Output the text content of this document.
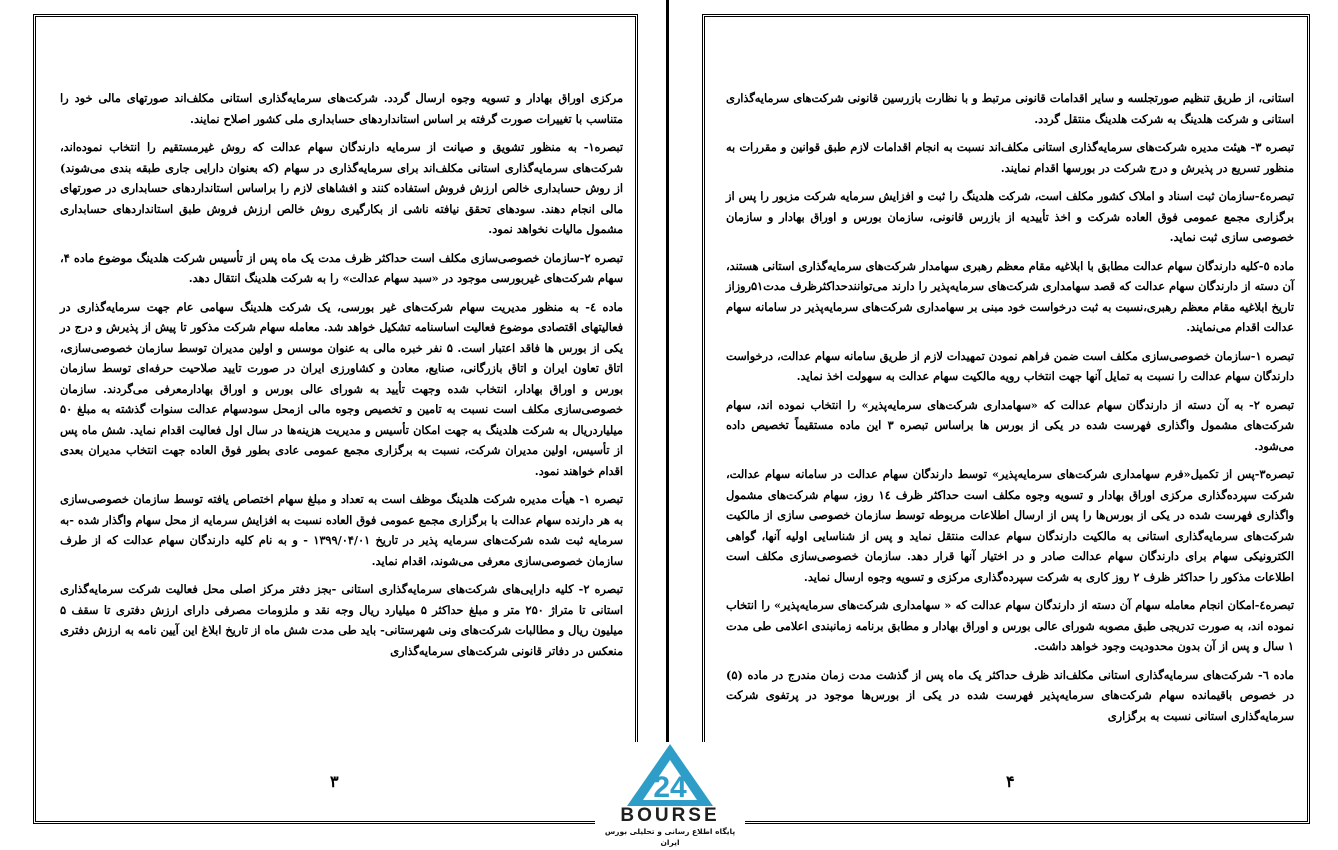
مرکزی اوراق بهادار و تسویه وجوه ارسال گردد. شرکت‌های سرمایه‌گذاری استانی مکلف‌اند صورتهای مالی خود را متناسب با تغییرات صورت گرفته بر اساس استانداردهای حسابداری ملی کشور اصلاح نمایند.

تبصره۱- به منظور تشویق و صیانت از سرمایه دارندگان سهام عدالت که روش غیرمستقیم را انتخاب نموده‌اند، شرکت‌های سرمایه‌گذاری استانی مکلف‌اند برای سرمایه‌گذاری در سهام (که بعنوان دارایی جاری طبقه بندی می‌شوند) از روش حسابداری خالص ارزش فروش استفاده کنند و افشاهای لازم را براساس استانداردهای حسابداری در صورتهای مالی انجام دهند. سودهای تحقق نیافته ناشی از بکارگیری روش خالص ارزش فروش طبق استانداردهای حسابداری مشمول مالیات نخواهد نمود.

تبصره ۲-سازمان خصوصی‌سازی مکلف است حداکثر ظرف مدت یک ماه پس از تأسیس شرکت هلدینگ موضوع ماده ۴، سهام شرکت‌های غیربورسی موجود در «سبد سهام عدالت» را به شرکت هلدینگ انتقال دهد.

ماده ٤- به منظور مدیریت سهام شرکت‌های غیر بورسی، یک شرکت هلدینگ سهامی عام جهت سرمایه‌گذاری در فعالیتهای اقتصادی موضوع فعالیت اساسنامه تشکیل خواهد شد. معامله سهام شرکت مذکور تا پیش از پذیرش و درج در یکی از بورس ها فاقد اعتبار است. ۵ نفر خبره مالی به عنوان موسس و اولین مدیران توسط سازمان خصوصی‌سازی، اتاق تعاون ایران و اتاق بازرگانی، صنایع، معادن و کشاورزی ایران در صورت تایید صلاحیت حرفه‌ای توسط سازمان بورس و اوراق بهادار، انتخاب شده وجهت تأیید به شورای عالی بورس و اوراق بهادارمعرفی می‌گردند. سازمان خصوصی‌سازی مکلف است نسبت به تامین و تخصیص وجوه مالی ازمحل سودسهام عدالت سنوات گذشته به مبلغ ۵۰ میلیاردریال به شرکت هلدینگ به جهت امکان تأسیس و مدیریت هزینه‌ها در سال اول فعالیت اقدام نماید. شش ماه پس از تأسیس، اولین مدیران شرکت، نسبت به برگزاری مجمع عمومی عادی بطور فوق العاده جهت انتخاب مدیران بعدی اقدام خواهند نمود.

تبصره ۱- هیأت مدیره شرکت هلدینگ موظف است به تعداد و مبلغ سهام اختصاص یافته توسط سازمان خصوصی‌سازی به هر دارنده سهام عدالت با برگزاری مجمع عمومی فوق العاده نسبت به افزایش سرمایه از محل سهام واگذار شده -به سرمایه ثبت شده شرکت‌های سرمایه پذیر در تاریخ ۱۳۹۹/۰۴/۰۱ - و به نام کلیه دارندگان سهام عدالت که از طرف سازمان خصوصی‌سازی معرفی می‌شوند، اقدام نماید.

تبصره ۲- کلیه دارایی‌های شرکت‌های سرمایه‌گذاری استانی -بجز دفتر مرکز اصلی محل فعالیت شرکت سرمایه‌گذاری استانی تا متراژ ۲۵۰ متر و مبلغ حداکثر ۵ میلیارد ریال وجه نقد و ملزومات مصرفی دارای ارزش دفتری تا سقف ۵ میلیون ریال و مطالبات شرکت‌های ونی شهرستانی- باید طی مدت شش ماه از تاریخ ابلاغ این آیین نامه به ارزش دفتری منعکس در دفاتر قانونی شرکت‌های سرمایه‌گذاری

۳

استانی، از طریق تنظیم صورتجلسه و سایر اقدامات قانونی مرتبط و با نظارت بازرسین قانونی شرکت‌های سرمایه‌گذاری استانی و شرکت هلدینگ به شرکت هلدینگ منتقل گردد.

تبصره ۳- هیئت مدیره شرکت‌های سرمایه‌گذاری استانی مکلف‌اند نسبت به انجام اقدامات لازم طبق قوانین و مقررات به منظور تسریع در پذیرش و درج شرکت در بورسها اقدام نمایند.

تبصره٤-سازمان ثبت اسناد و املاک کشور مکلف است، شرکت هلدینگ را ثبت و افزایش سرمایه شرکت مزبور را پس از برگزاری مجمع عمومی فوق العاده شرکت و اخذ تأییدیه از بازرس قانونی، سازمان بورس و اوراق بهادار و سازمان خصوصی سازی ثبت نماید.

ماده ٥-کلیه دارندگان سهام عدالت مطابق با ابلاغیه مقام معظم رهبری سهامدار شرکت‌های سرمایه‌گذاری استانی هستند، آن دسته از دارندگان سهام عدالت که قصد سهامداری شرکت‌های سرمایه‌پذیر را دارند می‌توانندحداکثرظرف مدت۵۱روزاز تاریخ ابلاغیه مقام معظم رهبری،نسبت به ثبت درخواست خود مبنی بر سهامداری شرکت‌های سرمایه‌پذیر در سامانه سهام عدالت اقدام می‌نمایند.

تبصره ۱-سازمان خصوصی‌سازی مکلف است ضمن فراهم نمودن تمهیدات لازم از طریق سامانه سهام عدالت، درخواست دارندگان سهام عدالت را نسبت به تمایل آنها جهت انتخاب رویه مالکیت سهام عدالت به سهولت اخذ نماید.

تبصره ۲- به آن دسته از دارندگان سهام عدالت که «سهامداری شرکت‌های سرمایه‌پذیر» را انتخاب نموده اند، سهام شرکت‌های مشمول واگذاری فهرست شده در یکی از بورس ها براساس تبصره ۳ این ماده مستقیماً تخصیص داده می‌شود.

تبصره۳-پس از تکمیل«فرم سهامداری شرکت‌های سرمایه‌پذیر» توسط دارندگان سهام عدالت در سامانه سهام عدالت، شرکت سپرده‌گذاری مرکزی اوراق بهادار و تسویه وجوه مکلف است حداکثر ظرف ١٤ روز، سهام شرکت‌های مشمول واگذاری فهرست شده در یکی از بورس‌ها را پس از ارسال اطلاعات مربوطه توسط سازمان خصوصی سازی از مالکیت شرکت‌های سرمایه‌گذاری استانی به مالکیت دارندگان سهام عدالت منتقل نماید و پس از شناسایی اولیه آنها، گواهی الکترونیکی سهام برای دارندگان سهام عدالت صادر و در اختیار آنها قرار دهد. سازمان خصوصی‌سازی مکلف است اطلاعات مذکور را حداکثر ظرف ۲ روز کاری به شرکت سپرده‌گذاری مرکزی و تسویه وجوه ارسال نماید.

تبصره٤-امکان انجام معامله سهام آن دسته از دارندگان سهام عدالت که « سهامداری شرکت‌های سرمایه‌پذیر» را انتخاب نموده اند، به صورت تدریجی طبق مصوبه شورای عالی بورس و اوراق بهادار و مطابق برنامه زمانبندی اعلامی طی مدت ۱ سال و پس از آن بدون محدودیت وجود خواهد داشت.

ماده ٦- شرکت‌های سرمایه‌گذاری استانی مکلف‌اند ظرف حداکثر یک ماه پس از گذشت مدت زمان مندرج در ماده (۵) در خصوص باقیمانده سهام شرکت‌های سرمایه‌پذیر فهرست شده در یکی از بورس‌ها موجود در پرتفوی شرکت سرمایه‌گذاری استانی نسبت به برگزاری

۴
24
BOURSE
پایگاه اطلاع رسانی و تحلیلی بورس ایران
